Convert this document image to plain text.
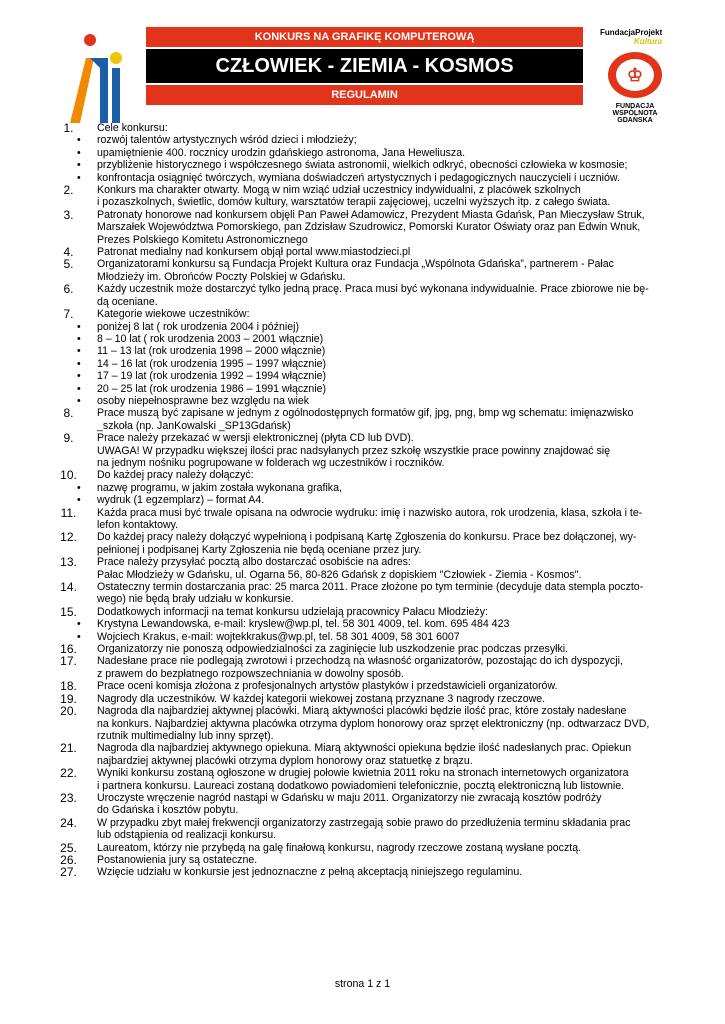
KONKURS NA GRAFIKĘ KOMPUTEROWĄ
CZŁOWIEK - ZIEMIA - KOSMOS
REGULAMIN
FundacjaProjekt
Kultura
♔
FUNDACJA
WSPÓLNOTA
GDAŃSKA
1.	Cele konkursu:
• rozwój talentów artystycznych wśród dzieci i młodzieży;
• upamiętnienie 400. rocznicy urodzin gdańskiego astronoma, Jana Heweliusza.
• przybliżenie historycznego i współczesnego świata astronomii, wielkich odkryć, obecności człowieka w kosmosie;
• konfrontacja osiągnięć twórczych, wymiana doświadczeń artystycznych i pedagogicznych nauczycieli i uczniów.
2.	Konkurs ma charakter otwarty. Mogą w nim wziąć udział uczestnicy indywidualni, z placówek szkolnych
i pozaszkolnych, świetlic, domów kultury, warsztatów terapii zajęciowej, uczelni wyższych itp. z całego świata.
3.	Patronaty honorowe nad konkursem objęli Pan Paweł Adamowicz, Prezydent Miasta Gdańsk, Pan Mieczysław Struk,
Marszałek Województwa Pomorskiego, pan Zdzisław Szudrowicz, Pomorski Kurator Oświaty oraz pan Edwin Wnuk,
Prezes Polskiego Komitetu Astronomicznego
4.	Patronat medialny nad konkursem objął portal www.miastodzieci.pl
5.	Organizatorami konkursu są Fundacja Projekt Kultura oraz Fundacja „Wspólnota Gdańska”, partnerem - Pałac
Młodzieży im. Obrońców Poczty Polskiej w Gdańsku.
6.	Każdy uczestnik może dostarczyć tylko jedną pracę. Praca musi być wykonana indywidualnie. Prace zbiorowe nie bę-
dą oceniane.
7.	Kategorie wiekowe uczestników:
• poniżej 8 lat ( rok urodzenia 2004 i później)
• 8 – 10 lat ( rok urodzenia 2003 – 2001 włącznie)
• 11 – 13 lat (rok urodzenia 1998 – 2000 włącznie)
• 14 – 16 lat (rok urodzenia 1995 – 1997 włącznie)
• 17 – 19 lat (rok urodzenia 1992 – 1994 włącznie)
• 20 – 25 lat (rok urodzenia 1986 – 1991 włącznie)
• osoby niepełnosprawne bez względu na wiek
8.	Prace muszą być zapisane w jednym z ogólnodostępnych formatów gif, jpg, png, bmp wg schematu: imięnazwisko
_szkoła (np. JanKowalski _SP13Gdańsk)
9.	Prace należy przekazać w wersji elektronicznej (płyta CD lub DVD).
UWAGA! W przypadku większej ilości prac nadsyłanych przez szkołę wszystkie prace powinny znajdować się
na jednym nośniku pogrupowane w folderach wg uczestników i roczników.
10.	Do każdej pracy należy dołączyć:
• nazwę programu, w jakim została wykonana grafika,
• wydruk (1 egzemplarz) – format A4.
11.	Każda praca musi być trwale opisana na odwrocie wydruku: imię i nazwisko autora, rok urodzenia, klasa, szkoła i te-
lefon kontaktowy.
12.	Do każdej pracy należy dołączyć wypełnioną i podpisaną Kartę Zgłoszenia do konkursu. Prace bez dołączonej, wy-
pełnionej i podpisanej Karty Zgłoszenia nie będą oceniane przez jury.
13.	Prace należy przysyłać pocztą albo dostarczać osobiście na adres:
Pałac Młodzieży w Gdańsku, ul. Ogarna 56, 80-826 Gdańsk z dopiskiem "Człowiek - Ziemia - Kosmos".
14.	Ostateczny termin dostarczania prac: 25 marca 2011. Prace złożone po tym terminie (decyduje data stempla poczto-
wego) nie będą brały udziału w konkursie.
15.	Dodatkowych informacji na temat konkursu udzielają pracownicy Pałacu Młodzieży:
• Krystyna Lewandowska, e-mail: kryslew@wp.pl, tel. 58 301 4009, tel. kom. 695 484 423
• Wojciech Krakus, e-mail: wojtekkrakus@wp.pl, tel. 58 301 4009, 58 301 6007
16.	Organizatorzy nie ponoszą odpowiedzialności za zaginięcie lub uszkodzenie prac podczas przesyłki.
17.	Nadesłane prace nie podlegają zwrotowi i przechodzą na własność organizatorów, pozostając do ich dyspozycji,
z prawem do bezpłatnego rozpowszechniania w dowolny sposób.
18.	Prace oceni komisja złożona z profesjonalnych artystów plastyków i przedstawicieli organizatorów.
19.	Nagrody dla uczestników. W każdej kategorii wiekowej zostaną przyznane 3 nagrody rzeczowe.
20.	Nagroda dla najbardziej aktywnej placówki. Miarą aktywności placówki będzie ilość prac, które zostały nadesłane
na konkurs. Najbardziej aktywna placówka otrzyma dyplom honorowy oraz sprzęt elektroniczny (np. odtwarzacz DVD,
rzutnik multimedialny lub inny sprzęt).
21.	Nagroda dla najbardziej aktywnego opiekuna. Miarą aktywności opiekuna będzie ilość nadesłanych prac. Opiekun
najbardziej aktywnej placówki otrzyma dyplom honorowy oraz statuetkę z brązu.
22.	Wyniki konkursu zostaną ogłoszone w drugiej połowie kwietnia 2011 roku na stronach internetowych organizatora
i partnera konkursu. Laureaci zostaną dodatkowo powiadomieni telefonicznie, pocztą elektroniczną lub listownie.
23.	Uroczyste wręczenie nagród nastąpi w Gdańsku w maju 2011. Organizatorzy nie zwracają kosztów podróży
do Gdańska i kosztów pobytu.
24.	W przypadku zbyt małej frekwencji organizatorzy zastrzegają sobie prawo do przedłużenia terminu składania prac
lub odstąpienia od realizacji konkursu.
25.	Laureatom, którzy nie przybędą na galę finałową konkursu, nagrody rzeczowe zostaną wysłane pocztą.
26.	Postanowienia jury są ostateczne.
27.	Wzięcie udziału w konkursie jest jednoznaczne z pełną akceptacją niniejszego regulaminu.
strona 1 z 1
